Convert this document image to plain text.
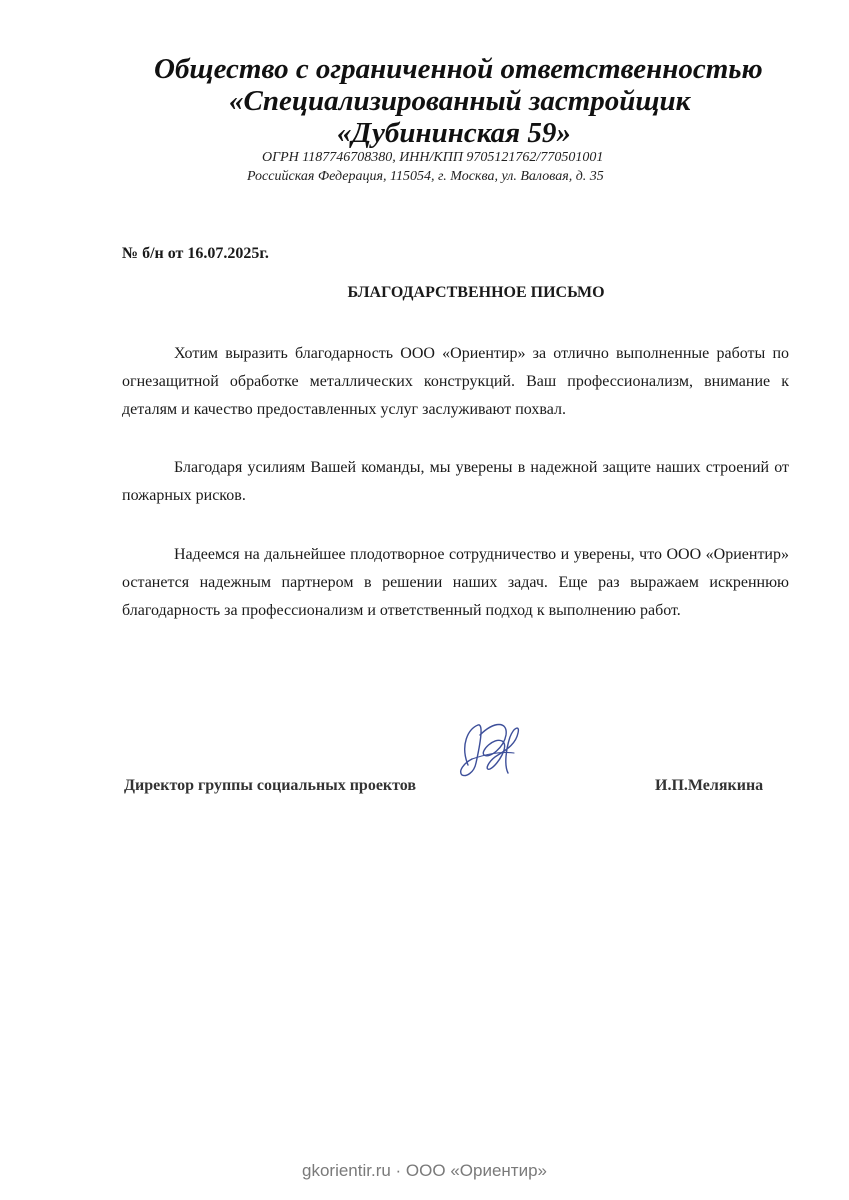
Общество с ограниченной ответственностью
«Специализированный застройщик
«Дубининская 59»
ОГРН 1187746708380, ИНН/КПП 9705121762/770501001
Российская Федерация, 115054, г. Москва, ул. Валовая, д. 35
№ б/н от 16.07.2025г.
БЛАГОДАРСТВЕННОЕ ПИСЬМО

Хотим выразить благодарность ООО «Ориентир» за отлично выполненные работы по огнезащитной обработке металлических конструкций. Ваш профессионализм, внимание к деталям и качество предоставленных услуг заслуживают похвал.

Благодаря усилиям Вашей команды, мы уверены в надежной защите наших строений от пожарных рисков.

Надеемся на дальнейшее плодотворное сотрудничество и уверены, что ООО «Ориентир» останется надежным партнером в решении наших задач. Еще раз выражаем искреннюю благодарность за профессионализм и ответственный подход к выполнению работ.

Директор группы социальных проектов	И.П.Мелякина
gkorientir.ru · ООО «Ориентир»
